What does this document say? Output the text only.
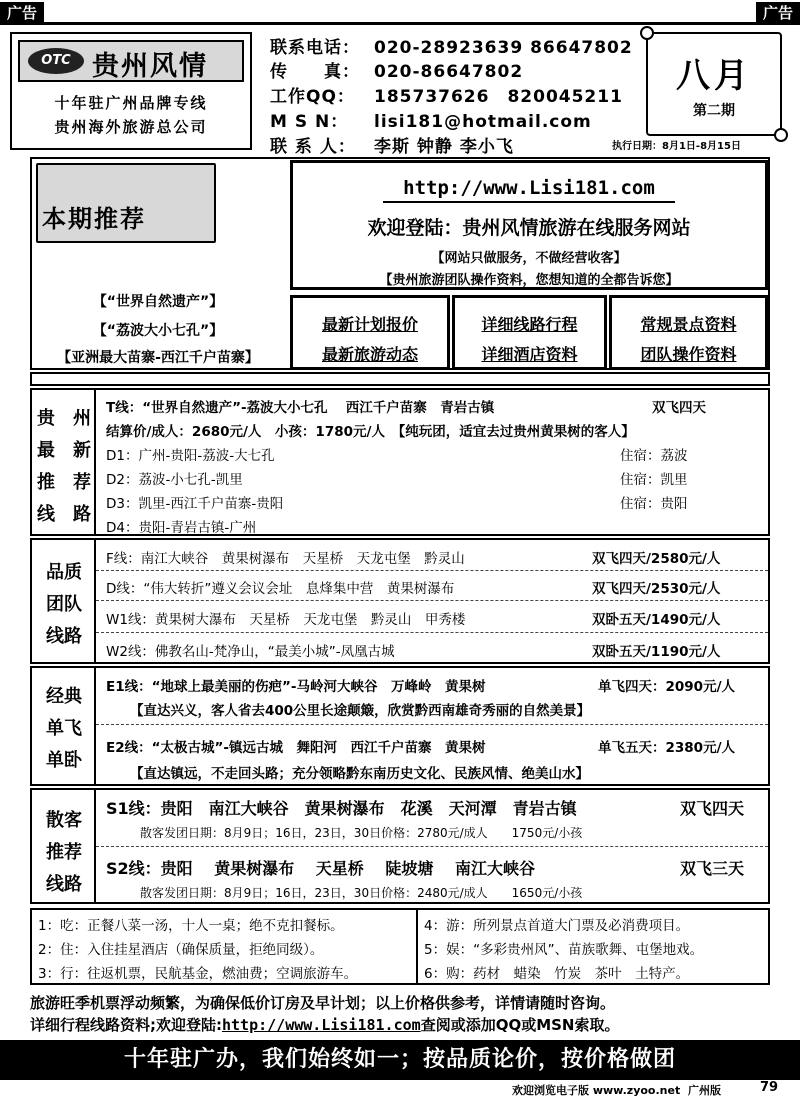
广告	广告
OTC 贵州风情
十年驻广州品牌专线
贵州海外旅游总公司
联系电话： 020-28923639 86647802
传　　真： 020-86647802
工作QQ： 185737626　820045211
M S N： lisi181@hotmail.com
联 系 人： 李斯 钟静 李小飞
八月
第二期
执行日期：8月1日-8月15日
本期推荐
【“世界自然遗产”】
【“荔波大小七孔”】
【亚洲最大苗寨-西江千户苗寨】
http://www.Lisi181.com
欢迎登陆：贵州风情旅游在线服务网站
【网站只做服务，不做经营收客】
【贵州旅游团队操作资料，您想知道的全都告诉您】
最新计划报价
最新旅游动态
详细线路行程
详细酒店资料
常规景点资料
团队操作资料
贵　州
最　新
推　荐
线　路
T线：“世界自然遗产”-荔波大小七孔　 西江千户苗寨　青岩古镇	双飞四天
结算价/成人：2680元/人　小孩：1780元/人　【纯玩团，适宜去过贵州黄果树的客人】
D1：广州-贵阳-荔波-大七孔	住宿：荔波
D2：荔波-小七孔-凯里	住宿：凯里
D3：凯里-西江千户苗寨-贵阳	住宿：贵阳
D4：贵阳-青岩古镇-广州
品质
团队
线路
F线：南江大峡谷　黄果树瀑布　天星桥　天龙屯堡　黔灵山	双飞四天/2580元/人
D线：“伟大转折”遵义会议会址　息烽集中营　黄果树瀑布	双飞四天/2530元/人
W1线：黄果树大瀑布　天星桥　天龙屯堡　黔灵山　甲秀楼	双卧五天/1490元/人
W2线：佛教名山-梵净山，“最美小城”-凤凰古城	双卧五天/1190元/人
经典
单飞
单卧
E1线：“地球上最美丽的伤疤”-马岭河大峡谷　万峰岭　黄果树	单飞四天：2090元/人
【直达兴义，客人省去400公里长途颠簸，欣赏黔西南雄奇秀丽的自然美景】
E2线：“太极古城”-镇远古城　舞阳河　西江千户苗寨　黄果树	单飞五天：2380元/人
【直达镇远，不走回头路；充分领略黔东南历史文化、民族风情、绝美山水】
散客
推荐
线路
S1线：贵阳　南江大峡谷　黄果树瀑布　花溪　天河潭　青岩古镇	双飞四天
散客发团日期：8月9日；16日，23日，30日价格：2780元/成人　　1750元/小孩
S2线：贵阳　 黄果树瀑布　 天星桥　 陡坡塘　 南江大峡谷	双飞三天
散客发团日期：8月9日；16日，23日，30日价格：2480元/成人　　1650元/小孩
1：吃：正餐八菜一汤，十人一桌；绝不克扣餐标。
2：住：入住挂星酒店（确保质量，拒绝同级）。
3：行：往返机票，民航基金，燃油费；空调旅游车。
4：游：所列景点首道大门票及必消费项目。
5：娱：“多彩贵州风”、苗族歌舞、屯堡地戏。
6：购：药材　蜡染　竹炭　茶叶　土特产。
旅游旺季机票浮动频繁，为确保低价订房及早计划；以上价格供参考，详情请随时咨询。
详细行程线路资料;欢迎登陆:http://www.Lisi181.com查阅或添加QQ或MSN索取。
十年驻广办，我们始终如一；按品质论价，按价格做团
欢迎浏览电子版 www.zyoo.net 广州版	79
